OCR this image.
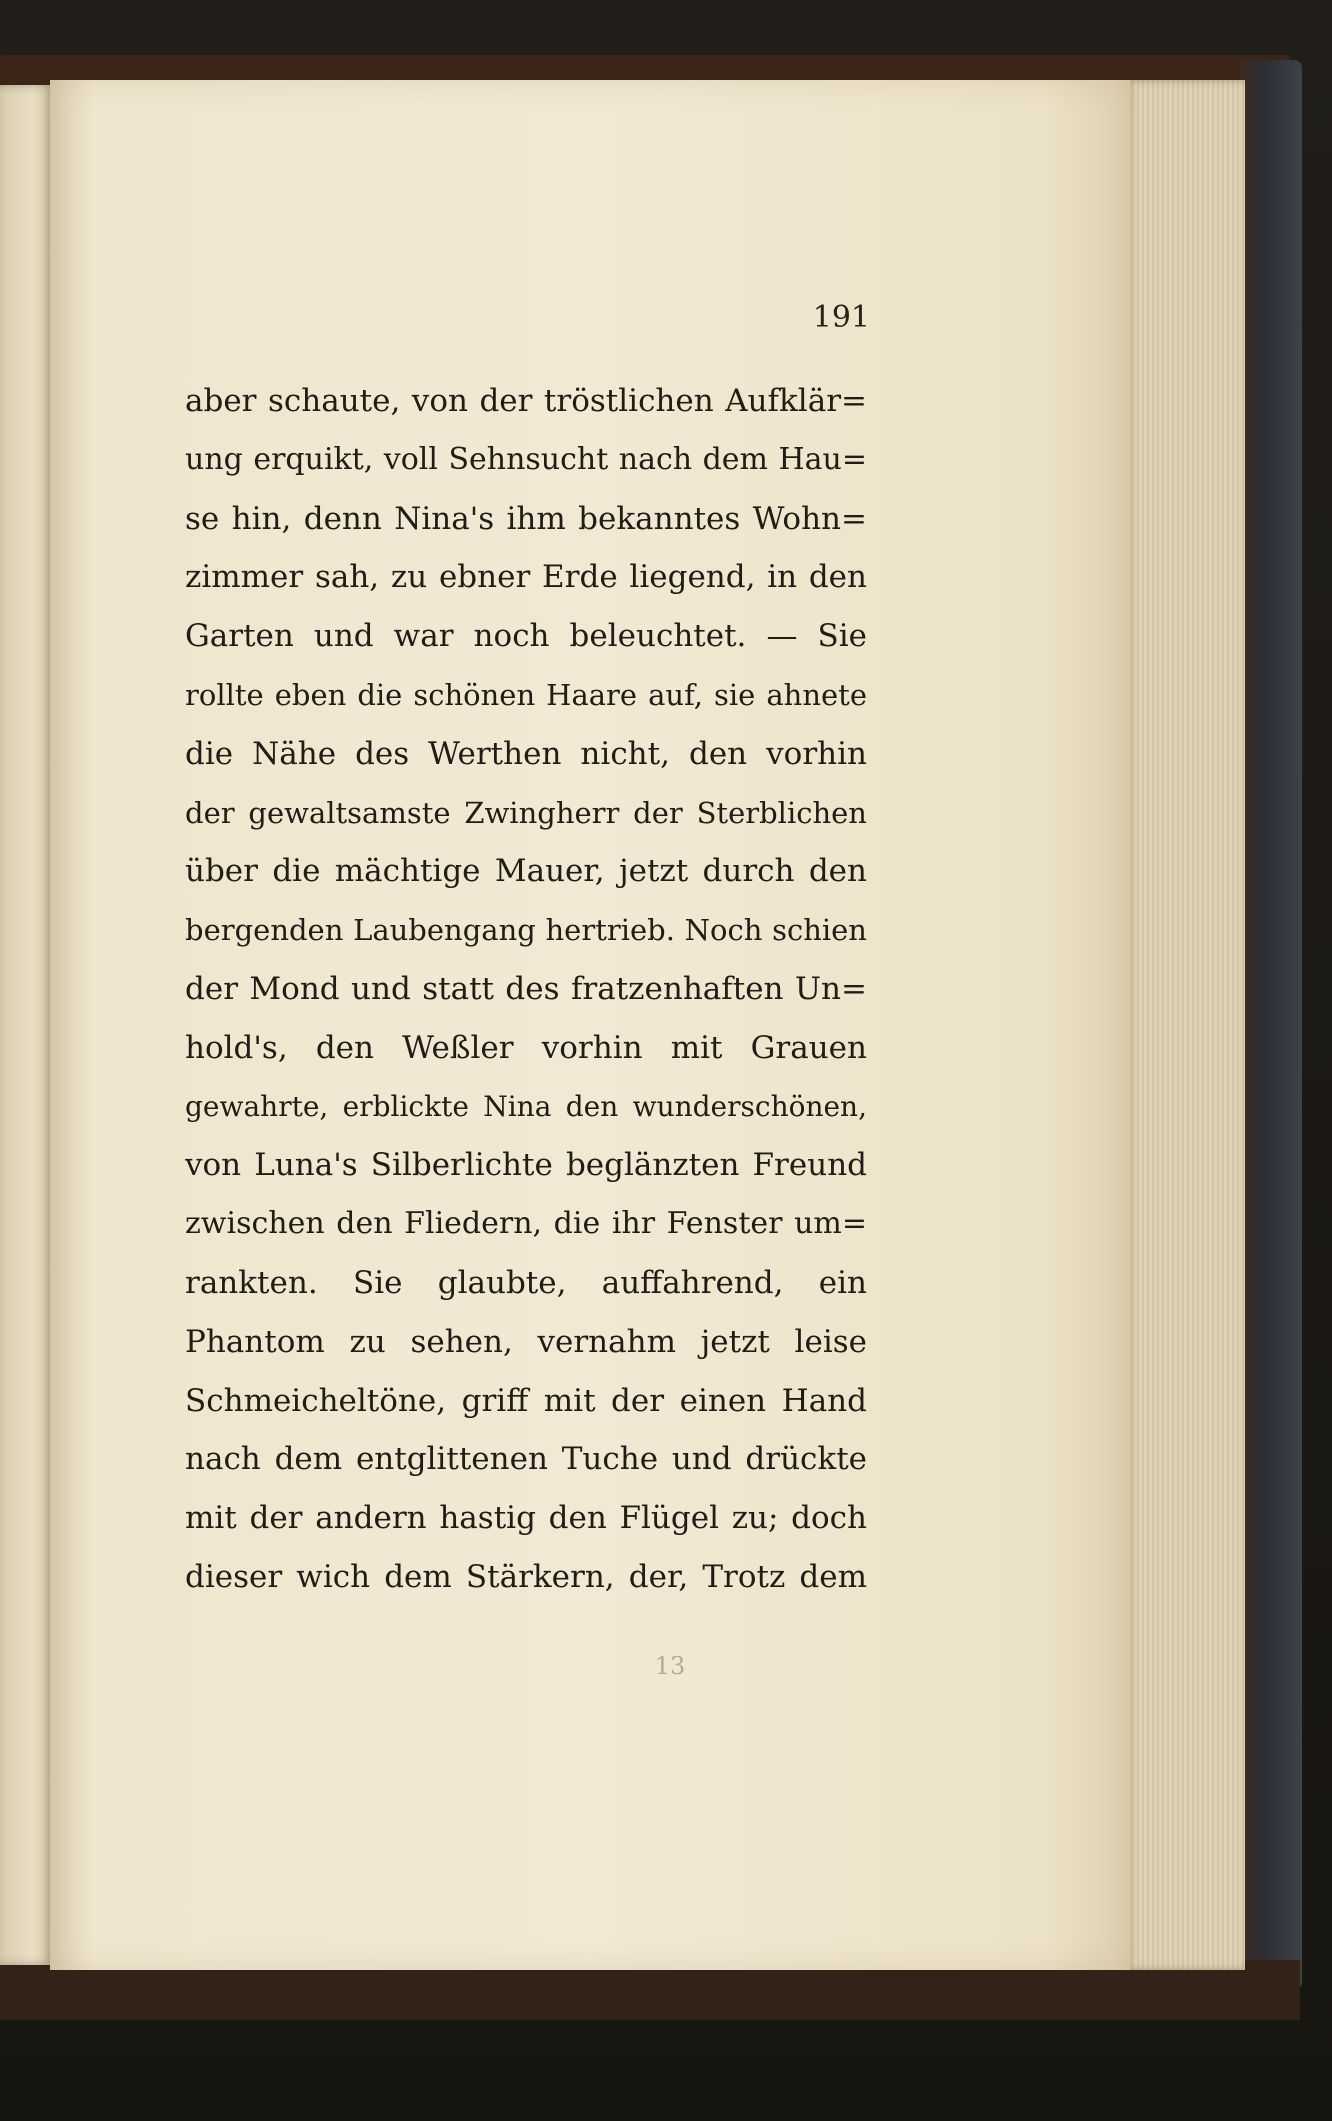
191

aber schaute, von der tröstlichen Aufklär=
ung erquikt, voll Sehnsucht nach dem Hau=
se hin, denn Nina's ihm bekanntes Wohn=
zimmer sah, zu ebner Erde liegend, in den
Garten und war noch beleuchtet. — Sie
rollte eben die schönen Haare auf, sie ahnete
die Nähe des Werthen nicht, den vorhin
der gewaltsamste Zwingherr der Sterblichen
über die mächtige Mauer, jetzt durch den
bergenden Laubengang hertrieb. Noch schien
der Mond und statt des fratzenhaften Un=
hold's, den Weßler vorhin mit Grauen
gewahrte, erblickte Nina den wunderschönen,
von Luna's Silberlichte beglänzten Freund
zwischen den Fliedern, die ihr Fenster um=
rankten. Sie glaubte, auffahrend, ein
Phantom zu sehen, vernahm jetzt leise
Schmeicheltöne, griff mit der einen Hand
nach dem entglittenen Tuche und drückte
mit der andern hastig den Flügel zu; doch
dieser wich dem Stärkern, der, Trotz dem

13
